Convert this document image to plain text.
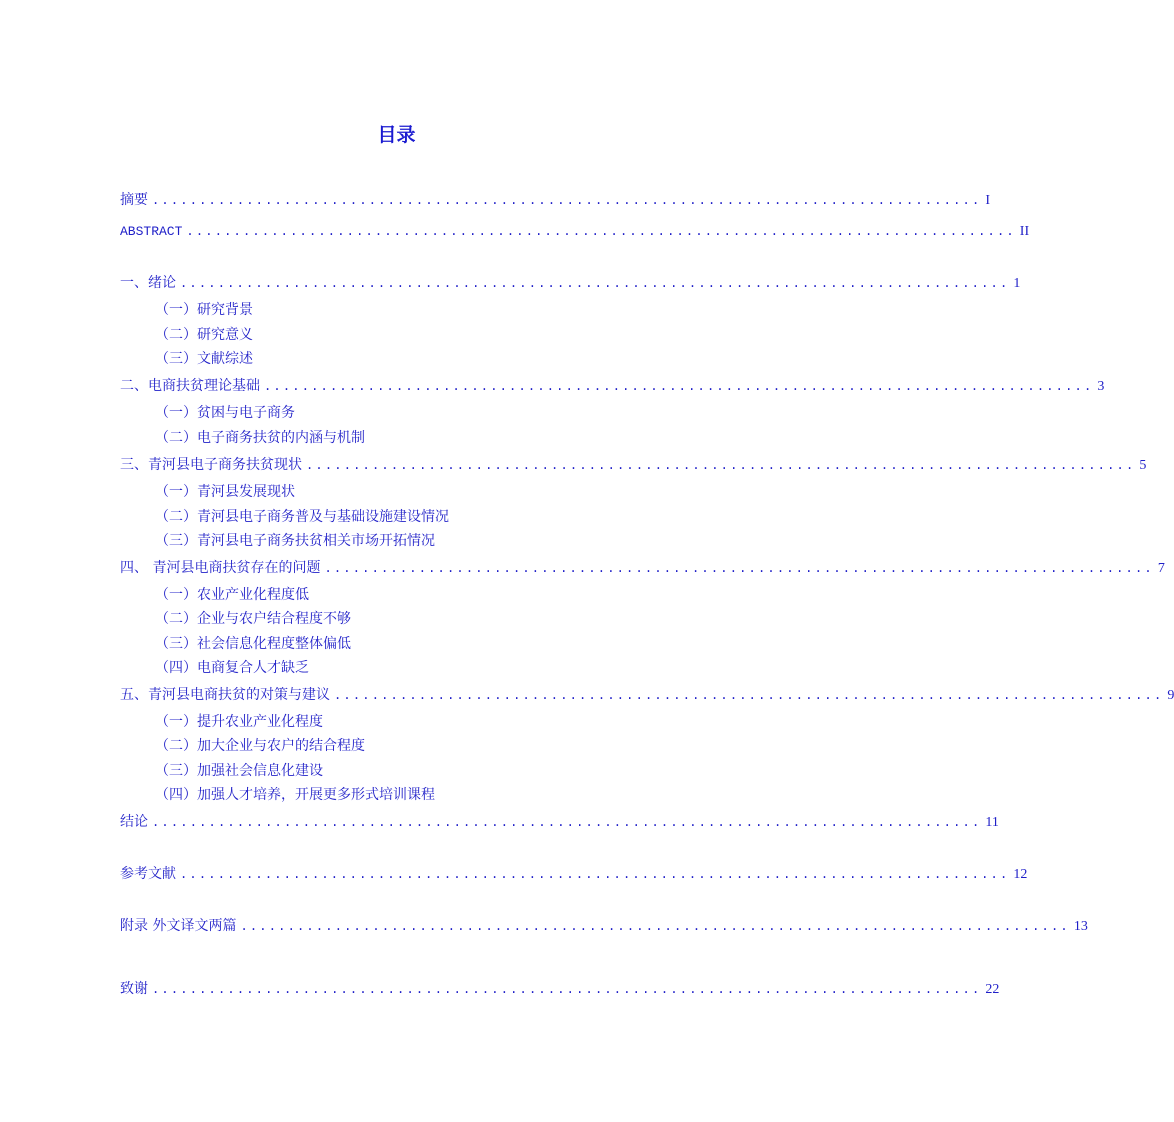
目录
摘要 ........................................................................................ I
ABSTRACT ........................................................................................ II
一、绪论 ........................................................................................ 1
（一）研究背景
（二）研究意义
（三）文献综述
二、电商扶贫理论基础 ........................................................................................ 3
（一）贫困与电子商务
（二）电子商务扶贫的内涵与机制
三、青河县电子商务扶贫现状 ........................................................................................ 5
（一）青河县发展现状
（二）青河县电子商务普及与基础设施建设情况
（三）青河县电子商务扶贫相关市场开拓情况
四、 青河县电商扶贫存在的问题 ........................................................................................ 7
（一）农业产业化程度低
（二）企业与农户结合程度不够
（三）社会信息化程度整体偏低
（四）电商复合人才缺乏
五、青河县电商扶贫的对策与建议 ........................................................................................ 9
（一）提升农业产业化程度
（二）加大企业与农户的结合程度
（三）加强社会信息化建设
（四）加强人才培养，开展更多形式培训课程
结论 ........................................................................................ 11
参考文献 ........................................................................................ 12
附录 外文译文两篇 ........................................................................................ 13
致谢 ........................................................................................ 22
